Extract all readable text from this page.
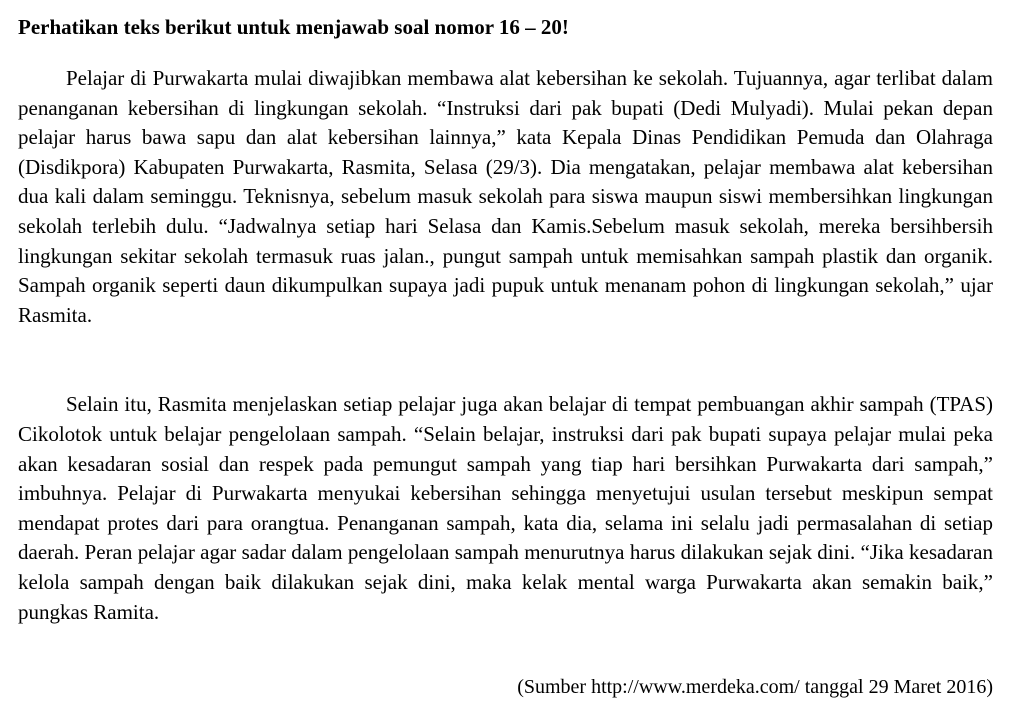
Perhatikan teks berikut untuk menjawab soal nomor 16 – 20!

Pelajar di Purwakarta mulai diwajibkan membawa alat kebersihan ke sekolah. Tujuannya, agar terlibat dalam penanganan kebersihan di lingkungan sekolah. “Instruksi dari pak bupati (Dedi Mulyadi). Mulai pekan depan pelajar harus bawa sapu dan alat kebersihan lainnya,” kata Kepala Dinas Pendidikan Pemuda dan Olahraga (Disdikpora) Kabupaten Purwakarta, Rasmita, Selasa (29/3). Dia mengatakan, pelajar membawa alat kebersihan dua kali dalam seminggu. Teknisnya, sebelum masuk sekolah para siswa maupun siswi membersihkan lingkungan sekolah terlebih dulu. “Jadwalnya setiap hari Selasa dan Kamis.Sebelum masuk sekolah, mereka bersihbersih lingkungan sekitar sekolah termasuk ruas jalan., pungut sampah untuk memisahkan sampah plastik dan organik. Sampah organik seperti daun dikumpulkan supaya jadi pupuk untuk menanam pohon di lingkungan sekolah,” ujar Rasmita.

Selain itu, Rasmita menjelaskan setiap pelajar juga akan belajar di tempat pembuangan akhir sampah (TPAS) Cikolotok untuk belajar pengelolaan sampah. “Selain belajar, instruksi dari pak bupati supaya pelajar mulai peka akan kesadaran sosial dan respek pada pemungut sampah yang tiap hari bersihkan Purwakarta dari sampah,” imbuhnya. Pelajar di Purwakarta menyukai kebersihan sehingga menyetujui usulan tersebut meskipun sempat mendapat protes dari para orangtua. Penanganan sampah, kata dia, selama ini selalu jadi permasalahan di setiap daerah. Peran pelajar agar sadar dalam pengelolaan sampah menurutnya harus dilakukan sejak dini. “Jika kesadaran kelola sampah dengan baik dilakukan sejak dini, maka kelak mental warga Purwakarta akan semakin baik,” pungkas Ramita.

(Sumber http://www.merdeka.com/ tanggal 29 Maret 2016)
